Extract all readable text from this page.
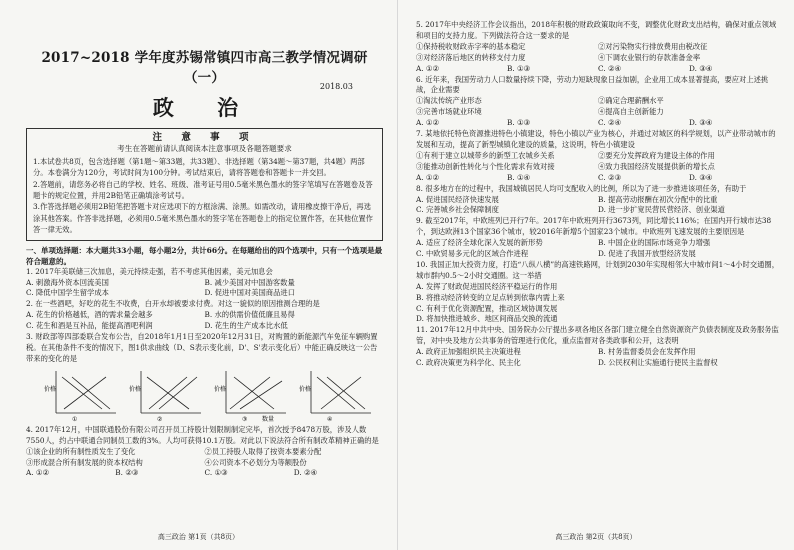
2017~2018 学年度苏锡常镇四市高三教学情况调研（一）
政 治
2018.03
注 意 事 项
考生在答题前请认真阅读本注意事项及各题答题要求

1.本试卷共8页，包含选择题（第1题～第33题，共33题）、非选择题（第34题～第37题，共4题）两部分。本卷满分为120分，考试时间为100分钟。考试结束后，请将答题卷和答题卡一并交回。

2.答题前，请您务必将自己的学校、姓名、班级、准考证号用0.5毫米黑色墨水的签字笔填写在答题卷及答题卡的规定位置，并用2B铅笔正确填涂考试号。

3.作答选择题必须用2B铅笔把答题卡对应选项下的方框涂满、涂黑。如需改动，请用橡皮擦干净后，再选涂其他答案。作答非选择题，必须用0.5毫米黑色墨水的签字笔在答题卷上的指定位置作答，在其他位置作答一律无效。

一、单项选择题：本大题共33小题，每小题2分，共计66分。在每题给出的四个选项中，只有一个选项是最符合题意的。

1. 2017年美联储三次加息，美元持续走强，若不考虑其他因素，美元加息会

A. 刺激海外资本回流美国	B. 减少美国对中国游客数量
C. 降低中国学生留学成本	D. 促进中国对美国商品进口

2. 在一些酒吧，好吃的花生不收费，白开水却被要求付费。对这一貌似的原因推测合理的是

A. 花生的价格越低，酒的需求量会越多	B. 水的供需价值低廉且易得
C. 花生和酒是互补品，能提高酒吧利润	D. 花生的生产成本比水低

3. 财政部等四部委联合发布公告，自2018年1月1日至2020年12月31日，对购置的新能源汽车免征车辆购置税。在其他条件不变的情况下，图1供求曲线（D、S表示变化前，D'、S'表示变化后）中能正确反映这一公告带来的变化的是

价格
①
价格
②
价格
数量
③
价格
④

4. 2017年12月，中国联通股份有限公司召开员工持股计划限制制定完毕，首次授予8478万股，涉及人数7550人，约占中联通合同制员工数的3%。人均可获得10.1万股。对此以下说法符合所有制改革精神正确的是

①该企业的所有制性质发生了变化	②员工持股人取得了按资本要素分配
③形成混合所有制发展的资本权结构	④公司资本不必划分为等额股份
A. ①②	B. ②③	C. ①③	D. ②④
高三政治 第1页（共8页）

5. 2017年中央经济工作会议指出，2018年积极的财政政策取向不变，调整优化财政支出结构，确保对重点领域和项目的支持力度。下列做法符合这一要求的是

①保持税收财政赤字率的基本稳定	②对污染物实行排放费用由税改征
③对经济落后地区的转移支付力度	④下调农业银行的存款准备金率
A. ①②	B. ①③	C. ②④	D. ③④

6. 近年来，我国劳动力人口数量持续下降，劳动力短缺现象日益加剧，企业用工成本显著提高，要应对上述挑战，企业需要

①淘汰传统产业形态	②确定合理薪酬水平
③完善市场就业环境	④提高自主创新能力
A. ①②	B. ①③	C. ②④	D. ③④

7. 某地依托特色资源推进特色小镇建设，特色小镇以产业为核心，并通过对城区的科学规划，以产业带动城市的发展和互动，提高了新型城镇化建设的质量，这说明，特色小镇建设

①有利于建立以城带乡的新型工农城乡关系	②要充分发挥政府为建设主体的作用
③能推动创新性转化与个性化需求有效对接	④致力我国经济发展提供新的增长点
A. ①②	B. ①④	C. ②③	D. ③④

8. 很多地方在的过程中，我国城镇居民人均可支配收入的比例，所以为了进一步推进该项任务，有助于

A. 促进国民经济快速发展	B. 提高劳动报酬在初次分配中的比重
C. 完善城乡社会保障制度	D. 进一步扩宽民营民营经济、创业渠道

9. 截至2017年，中欧班列已开行7年。2017年中欧班列开行3673列，同比增长116%；在国内开行城市达38个，到达欧洲13个国家36个城市，较2016年新增5个国家23个城市。中欧班列飞速发展的主要原因是

A. 适应了经济全球化深入发展的新形势	B. 中国企业的国际市场竞争力增强
C. 中欧贸易多元化的区域合作进程	D. 促进了我国开放型经济发展

10. 我国正加大投资力度，打造“八纵八横”的高速铁路网，计划到2030年实现相邻大中城市间1～4小时交通圈，城市群内0.5～2小时交通圈。这一举措

A. 发挥了财政促进国民经济平稳运行的作用

B. 将推动经济转变的立足点转到依靠内需上来

C. 有利于优化资源配置，推动区域协调发展

D. 将加快推进城乡、地区间商品交换的流通

11. 2017年12月中共中央、国务院办公厅提出多项各地区各部门建立健全自然资源资产负债表制度及政务服务监管，对中央及地方公共事务的管理进行优化，重点监督对各类政事和公开，这表明

A. 政府正加强组织民主决策进程	B. 村务监督委员会在发挥作用
C. 政府决策更为科学化、民主化	D. 公民权利让实施通行使民主监督权
高三政治 第2页（共8页）
